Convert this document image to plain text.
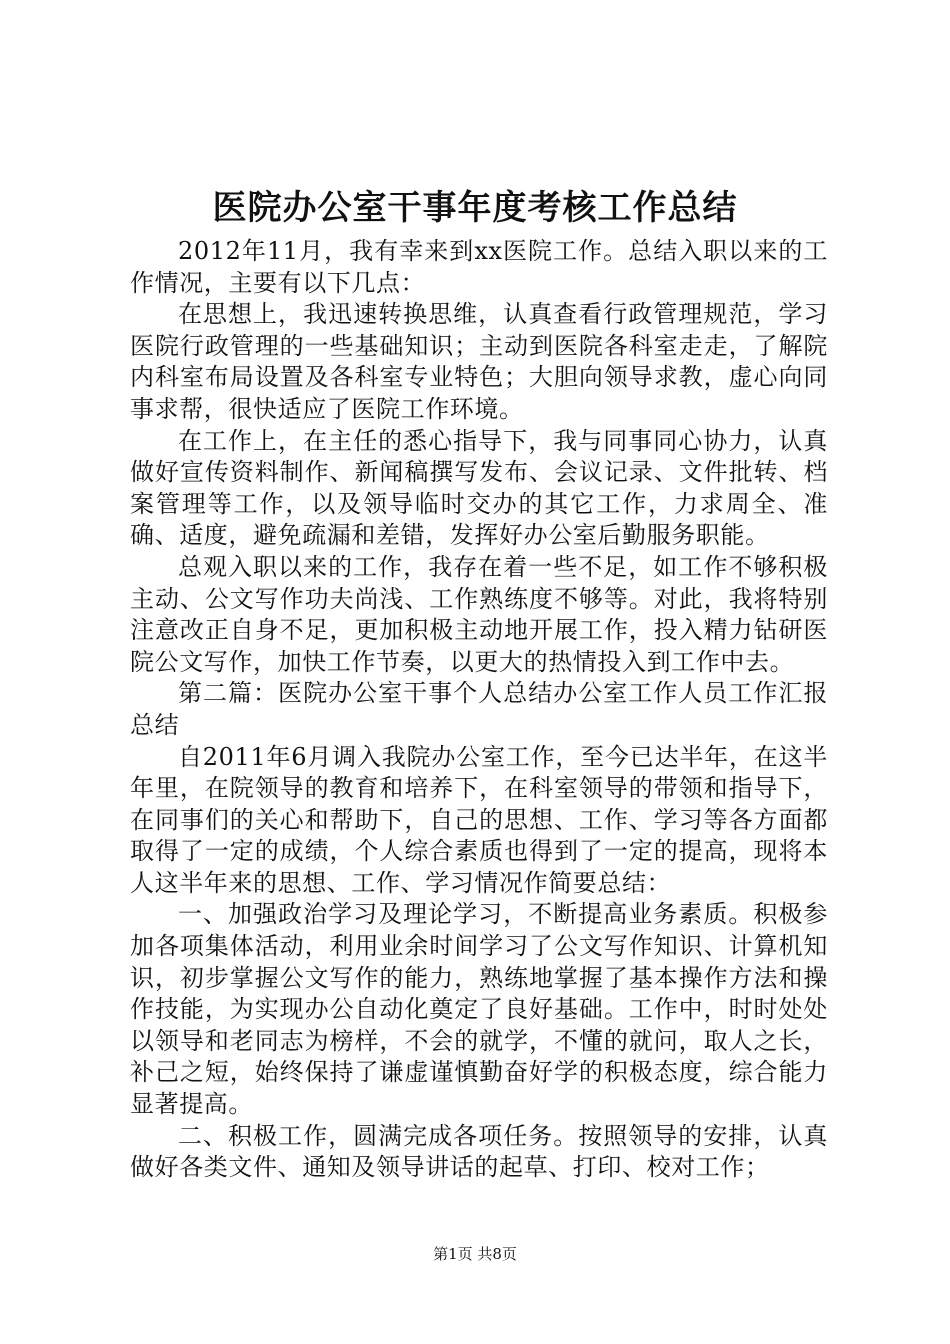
医院办公室干事年度考核工作总结

2012年11月，我有幸来到xx医院工作。总结入职以来的工作情况，主要有以下几点：

在思想上，我迅速转换思维，认真查看行政管理规范，学习医院行政管理的一些基础知识；主动到医院各科室走走，了解院内科室布局设置及各科室专业特色；大胆向领导求教，虚心向同事求帮，很快适应了医院工作环境。

在工作上，在主任的悉心指导下，我与同事同心协力，认真做好宣传资料制作、新闻稿撰写发布、会议记录、文件批转、档案管理等工作，以及领导临时交办的其它工作，力求周全、准确、适度，避免疏漏和差错，发挥好办公室后勤服务职能。

总观入职以来的工作，我存在着一些不足，如工作不够积极主动、公文写作功夫尚浅、工作熟练度不够等。对此，我将特别注意改正自身不足，更加积极主动地开展工作，投入精力钻研医院公文写作，加快工作节奏，以更大的热情投入到工作中去。

第二篇：医院办公室干事个人总结办公室工作人员工作汇报总结

自2011年6月调入我院办公室工作，至今已达半年，在这半年里，在院领导的教育和培养下，在科室领导的带领和指导下，在同事们的关心和帮助下，自己的思想、工作、学习等各方面都取得了一定的成绩，个人综合素质也得到了一定的提高，现将本人这半年来的思想、工作、学习情况作简要总结：

一、加强政治学习及理论学习，不断提高业务素质。积极参加各项集体活动，利用业余时间学习了公文写作知识、计算机知识，初步掌握公文写作的能力，熟练地掌握了基本操作方法和操作技能，为实现办公自动化奠定了良好基础。工作中，时时处处以领导和老同志为榜样，不会的就学，不懂的就问，取人之长，补己之短，始终保持了谦虚谨慎勤奋好学的积极态度，综合能力显著提高。

二、积极工作，圆满完成各项任务。按照领导的安排，认真做好各类文件、通知及领导讲话的起草、打印、校对工作；

第1页 共8页
